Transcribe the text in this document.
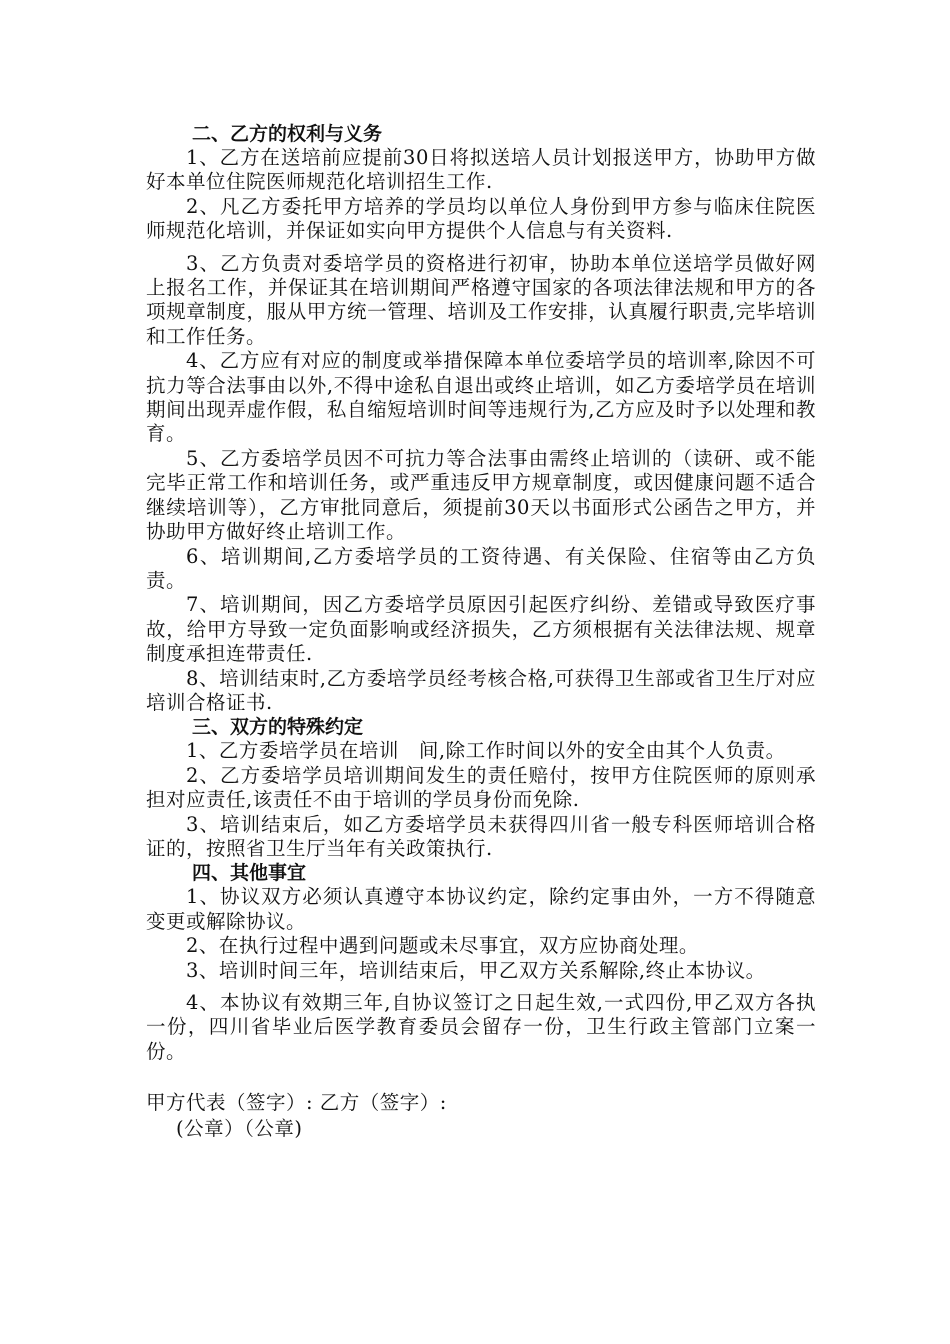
二、乙方的权利与义务

1、乙方在送培前应提前30日将拟送培人员计划报送甲方，协助甲方做好本单位住院医师规范化培训招生工作.

2、凡乙方委托甲方培养的学员均以单位人身份到甲方参与临床住院医师规范化培训，并保证如实向甲方提供个人信息与有关资料.

3、乙方负责对委培学员的资格进行初审，协助本单位送培学员做好网上报名工作，并保证其在培训期间严格遵守国家的各项法律法规和甲方的各项规章制度，服从甲方统一管理、培训及工作安排，认真履行职责,完毕培训和工作任务。

4、乙方应有对应的制度或举措保障本单位委培学员的培训率,除因不可抗力等合法事由以外,不得中途私自退出或终止培训，如乙方委培学员在培训期间出现弄虚作假，私自缩短培训时间等违规行为,乙方应及时予以处理和教育。

5、乙方委培学员因不可抗力等合法事由需终止培训的（读研、或不能完毕正常工作和培训任务，或严重违反甲方规章制度，或因健康问题不适合继续培训等），乙方审批同意后，须提前30天以书面形式公函告之甲方，并协助甲方做好终止培训工作。

6、培训期间,乙方委培学员的工资待遇、有关保险、住宿等由乙方负责。

7、培训期间，因乙方委培学员原因引起医疗纠纷、差错或导致医疗事故，给甲方导致一定负面影响或经济损失，乙方须根据有关法律法规、规章制度承担连带责任.

8、培训结束时,乙方委培学员经考核合格,可获得卫生部或省卫生厅对应培训合格证书.

三、双方的特殊约定

1、乙方委培学员在培训　间,除工作时间以外的安全由其个人负责。

2、乙方委培学员培训期间发生的责任赔付，按甲方住院医师的原则承担对应责任,该责任不由于培训的学员身份而免除.

3、培训结束后，如乙方委培学员未获得四川省一般专科医师培训合格证的，按照省卫生厅当年有关政策执行.

四、其他事宜

1、协议双方必须认真遵守本协议约定，除约定事由外，一方不得随意变更或解除协议。

2、在执行过程中遇到问题或未尽事宜，双方应协商处理。

3、培训时间三年，培训结束后，甲乙双方关系解除,终止本协议。

4、本协议有效期三年,自协议签订之日起生效,一式四份,甲乙双方各执一份，四川省毕业后医学教育委员会留存一份，卫生行政主管部门立案一份。

甲方代表（签字）: 乙方（签字）:
(公章）（公章)
